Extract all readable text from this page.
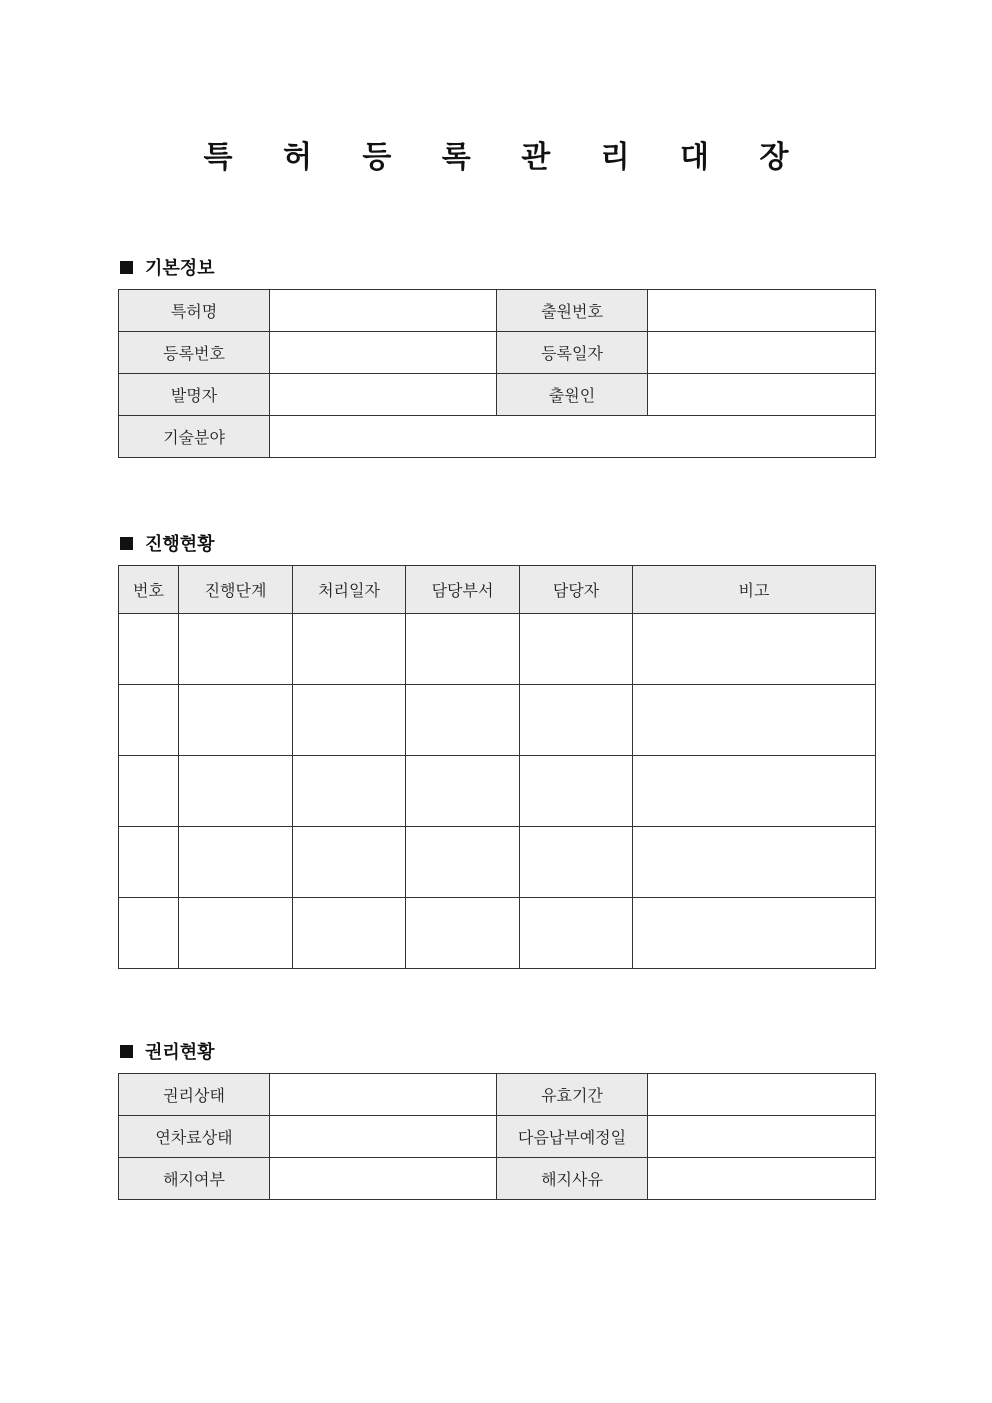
특 허 등 록 관 리 대 장
기본정보
특허명		출원번호	
등록번호		등록일자	
발명자		출원인	
기술분야			
진행현황
번호	진행단계	처리일자	담당부서	담당자	비고

권리현황
권리상태		유효기간	
연차료상태		다음납부예정일	
해지여부		해지사유	
